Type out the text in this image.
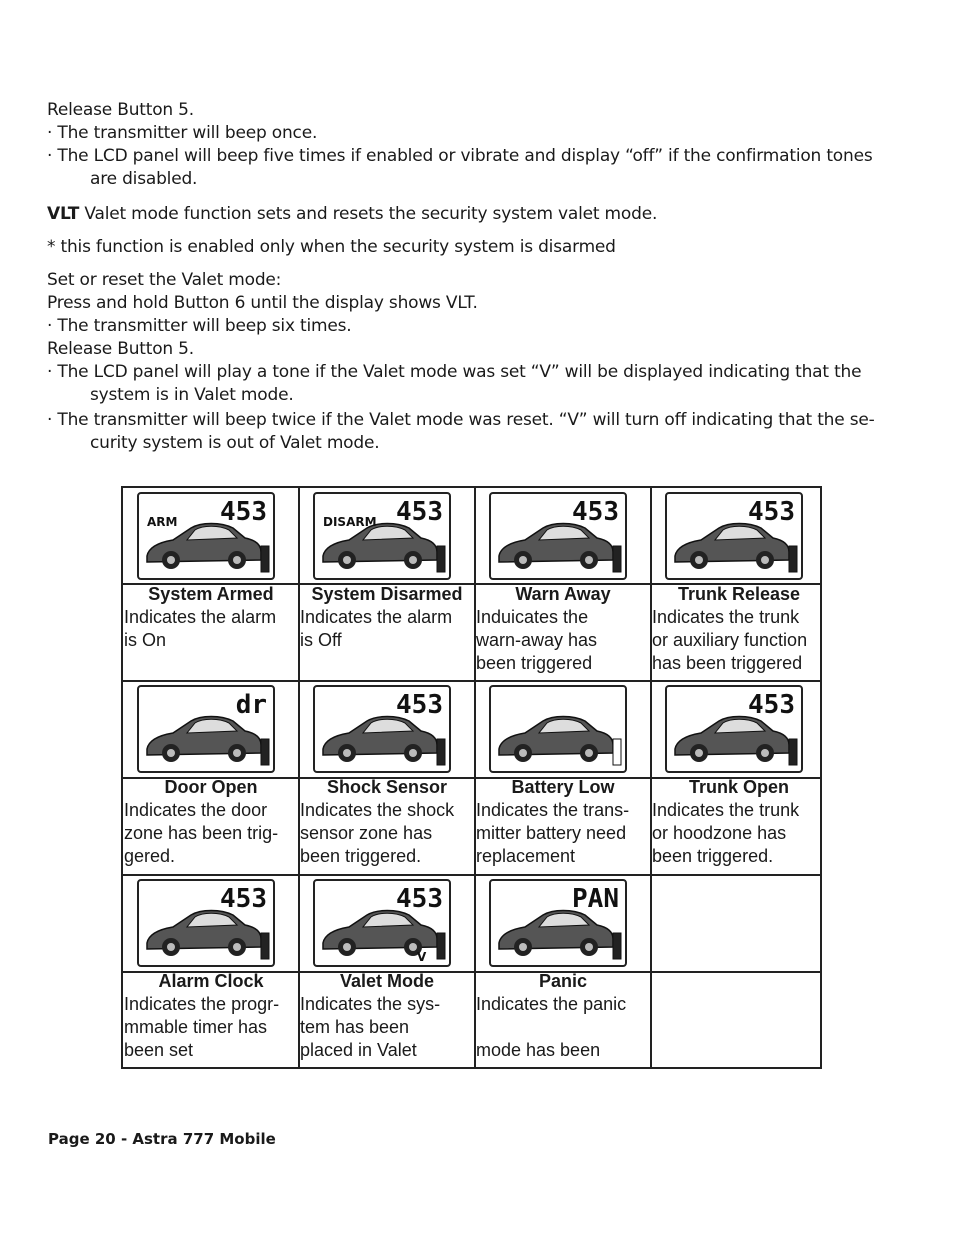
Release Button 5.
· The transmitter will beep once.
· The LCD panel will beep five times if enabled or vibrate and display “off” if the confirmation tones
are disabled.
VLT Valet mode function sets and resets the security system valet mode.
* this function is enabled only when the security system is disarmed
Set or reset the Valet mode:
Press and hold Button 6 until the display shows VLT.
· The transmitter will beep six times.
Release Button 5.
· The LCD panel will play a tone if the Valet mode was set “V” will be displayed indicating that the
system is in Valet mode.
· The transmitter will beep twice if the Valet mode was reset. “V” will turn off indicating that the se-
curity system is out of Valet mode.
453
ARM
System Armed
Indicates the alarm
is On
453
DISARM
System Disarmed
Indicates the alarm
is Off
453
Warn Away
Induicates the
warn-away has
been triggered
453
Trunk Release
Indicates the trunk
or auxiliary function
has been triggered
dr
Door Open
Indicates the door
zone has been trig-
gered.
453
Shock Sensor
Indicates the shock
sensor zone has
been triggered.
Battery Low
Indicates the trans-
mitter battery need
replacement
453
Trunk Open
Indicates the trunk
or hoodzone has
been triggered.
453
Alarm Clock
Indicates the progr-
mmable timer has
been set
453
V
Valet Mode
Indicates the sys-
tem has been
placed in Valet
PAN
Panic
Indicates the panic
mode has been
Page 20 - Astra 777 Mobile
